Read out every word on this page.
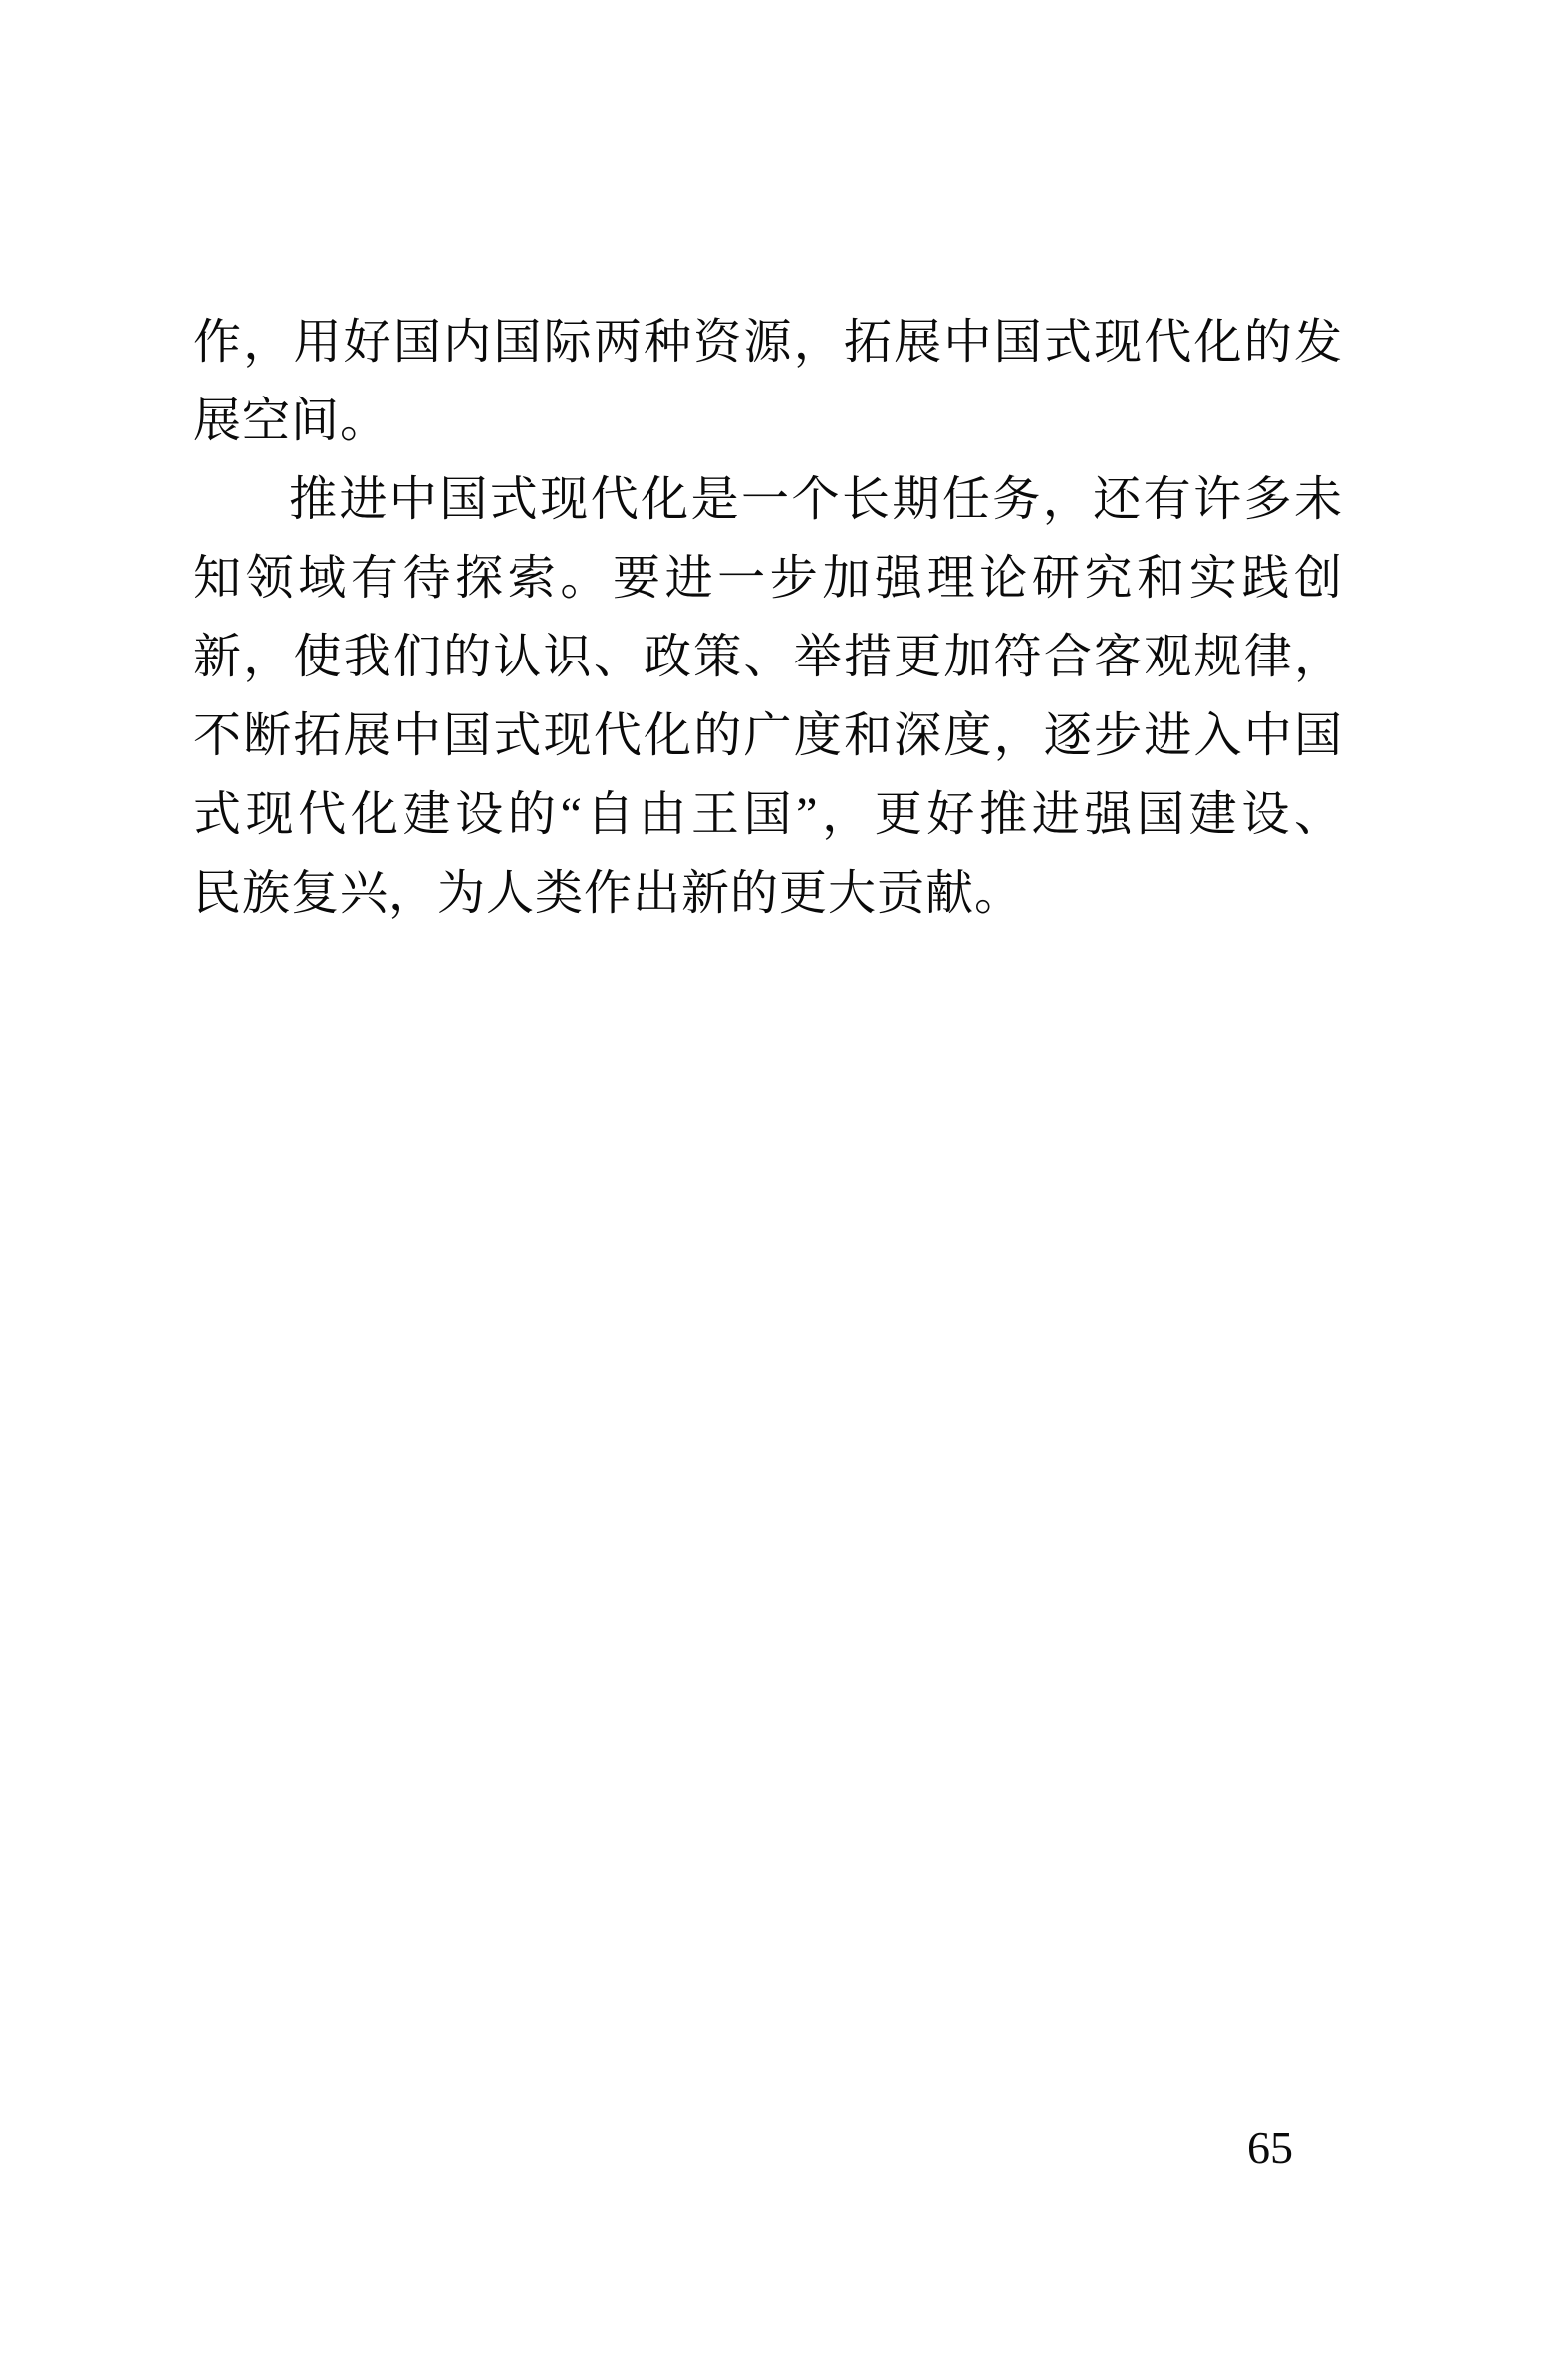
作，用好国内国际两种资源，拓展中国式现代化的发
展空间。
推进中国式现代化是一个长期任务，还有许多未
知领域有待探索。要进一步加强理论研究和实践创
新，使我们的认识、政策、举措更加符合客观规律，
不断拓展中国式现代化的广度和深度，逐步进入中国
式现代化建设的“自由王国”，更好推进强国建设、
民族复兴，为人类作出新的更大贡献。
65
